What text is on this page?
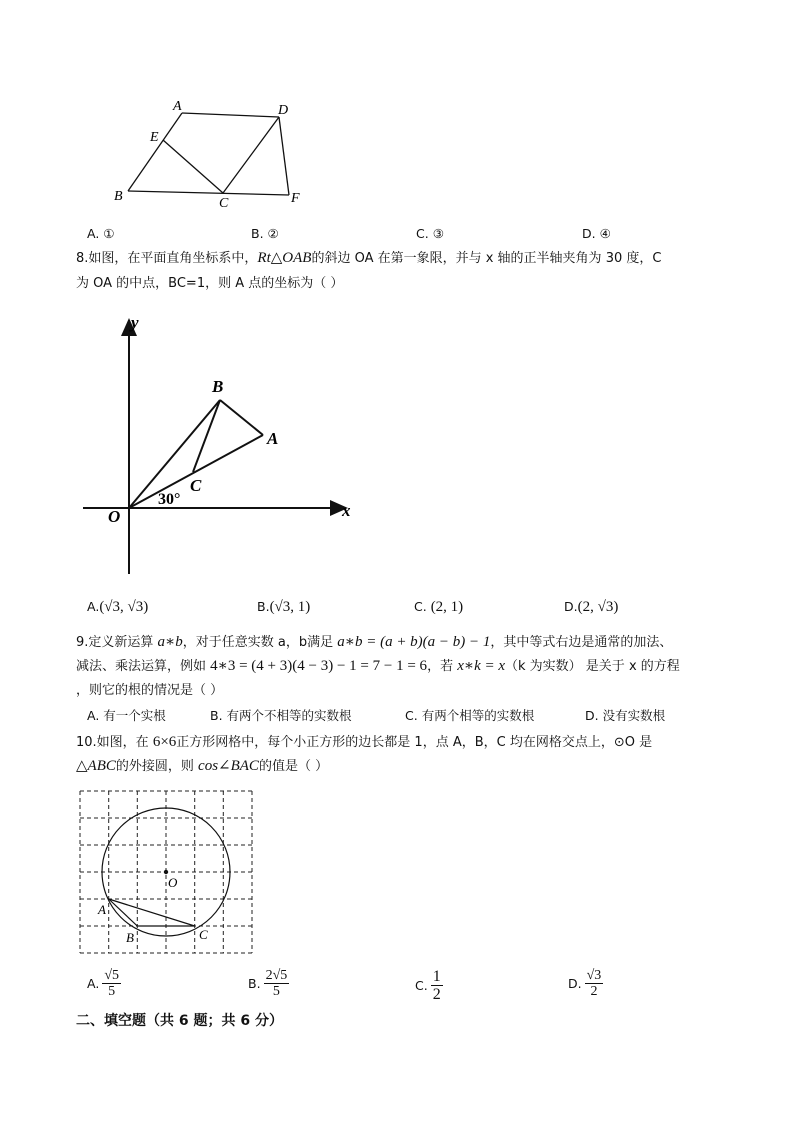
A	D
E
B	C	F
A. ①	B. ②	C. ③	D. ④
8.如图，在平面直角坐标系中，Rt△OAB的斜边 OA 在第一象限，并与 x 轴的正半轴夹角为 30 度，C
为 OA 的中点，BC=1，则 A 点的坐标为（ ）
y
x
O
B
A
C
30°
A.(√3, √3)	B.(√3, 1)	C. (2, 1)	D.(2, √3)
9.定义新运算 a∗b，对于任意实数 a，b满足 a∗b = (a + b)(a − b) − 1，其中等式右边是通常的加法、
减法、乘法运算，例如 4∗3 = (4 + 3)(4 − 3) − 1 = 7 − 1 = 6，若 x∗k = x（k 为实数） 是关于 x 的方程
，则它的根的情况是（ ）
A. 有一个实根	B. 有两个不相等的实数根	C. 有两个相等的实数根	D. 没有实数根
10.如图，在 6×6正方形网格中，每个小正方形的边长都是 1，点 A，B，C 均在网格交点上，⊙O 是
△ABC的外接圆，则 cos∠BAC的值是（ ）
O
A
B	C
A. $\frac{√5}{5}$	B. $\frac{2√5}{5}$	C. $\frac{1}{2}$	D. $\frac{√3}{2}$
二、填空题（共 6 题；共 6 分）
